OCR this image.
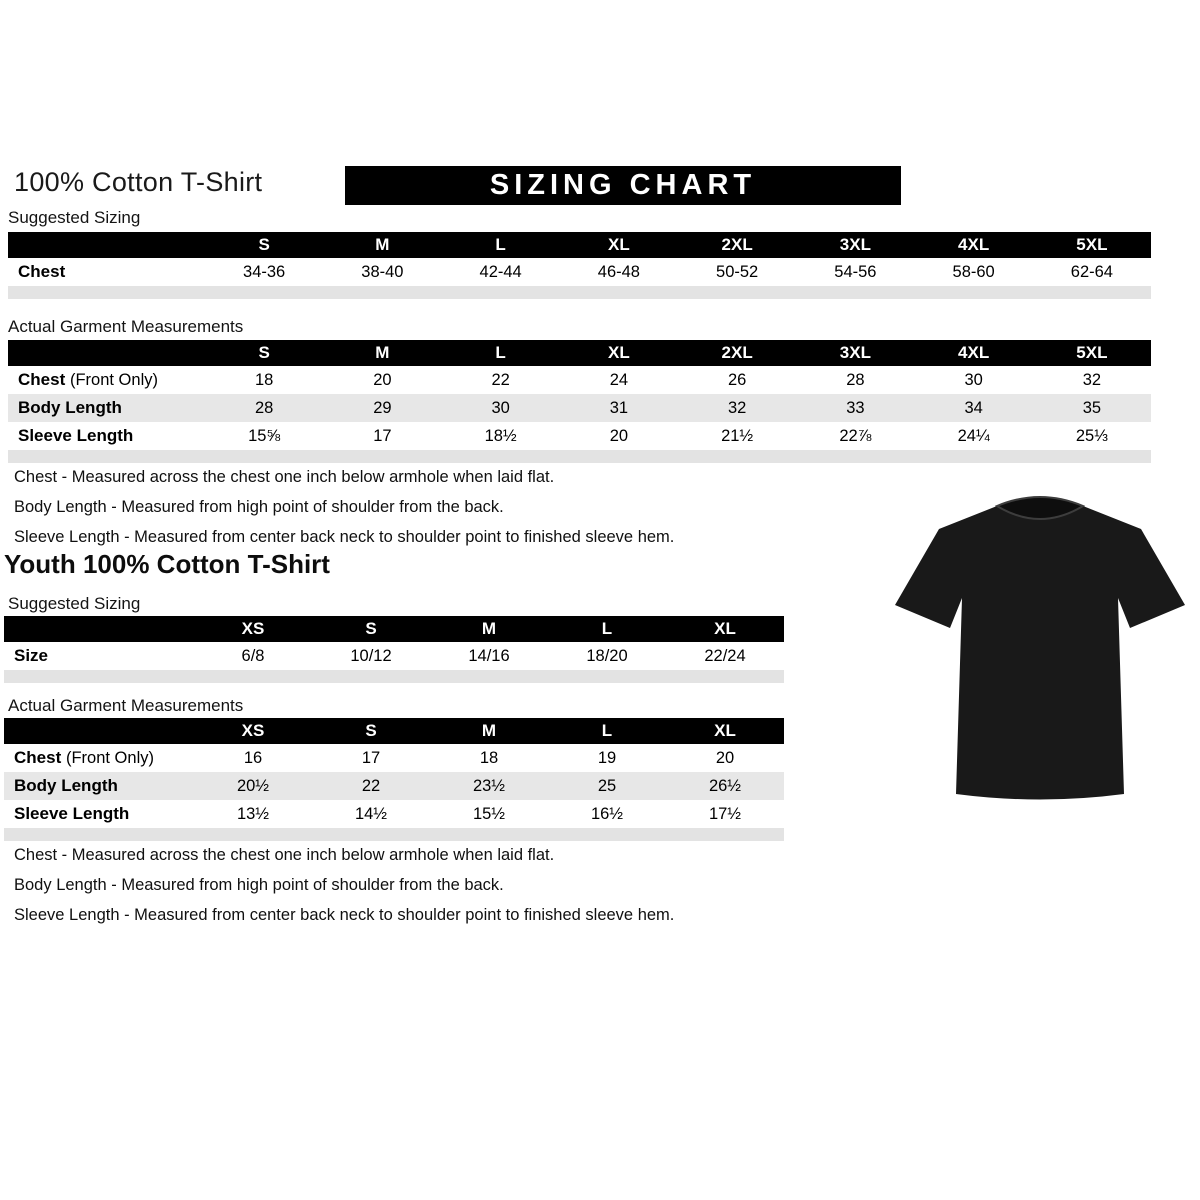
100% Cotton T-Shirt	SIZING CHART
Suggested Sizing
	S	M	L	XL	2XL	3XL	4XL	5XL
Chest	34-36	38-40	42-44	46-48	50-52	54-56	58-60	62-64

Actual Garment Measurements
	S	M	L	XL	2XL	3XL	4XL	5XL
Chest (Front Only)	18	20	22	24	26	28	30	32
Body Length	28	29	30	31	32	33	34	35
Sleeve Length	15⅝	17	18½	20	21½	22⅞	24¼	25⅓

Chest - Measured across the chest one inch below armhole when laid flat.
Body Length - Measured from high point of shoulder from the back.
Sleeve Length - Measured from center back neck to shoulder point to finished sleeve hem.
Youth 100% Cotton T-Shirt
Suggested Sizing
	XS	S	M	L	XL
Size	6/8	10/12	14/16	18/20	22/24

Actual Garment Measurements
	XS	S	M	L	XL
Chest (Front Only)	16	17	18	19	20
Body Length	20½	22	23½	25	26½
Sleeve Length	13½	14½	15½	16½	17½

Chest - Measured across the chest one inch below armhole when laid flat.
Body Length - Measured from high point of shoulder from the back.
Sleeve Length - Measured from center back neck to shoulder point to finished sleeve hem.
